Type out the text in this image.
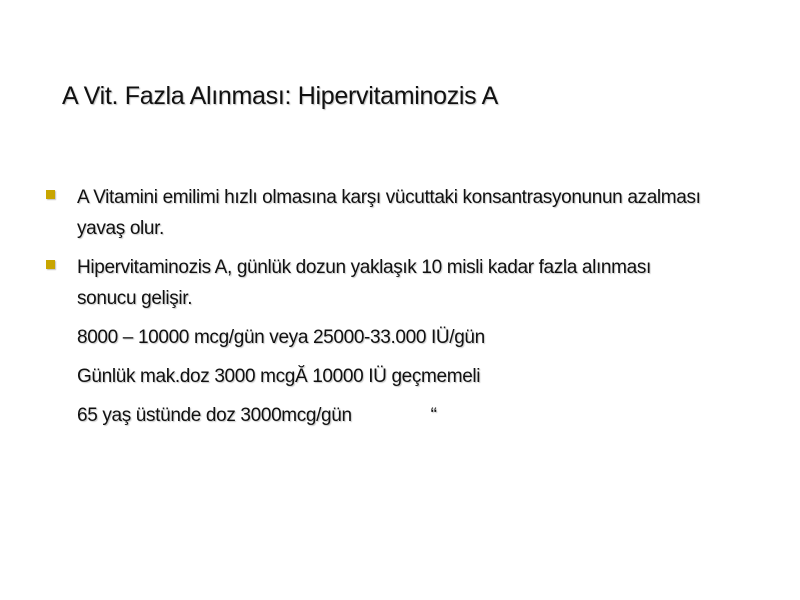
A Vit. Fazla Alınması: Hipervitaminozis A
A Vitamini emilimi hızlı olmasına karşı vücuttaki konsantrasyonunun azalması
yavaş olur.
Hipervitaminozis A, günlük dozun yaklaşık 10 misli kadar fazla alınması
sonucu gelişir.
8000 – 10000 mcg/gün veya 25000-33.000 IÜ/gün
Günlük mak.doz 3000 mcgĂ 10000 IÜ geçmemeli
65 yaş üstünde doz 3000mcg/gün                “
